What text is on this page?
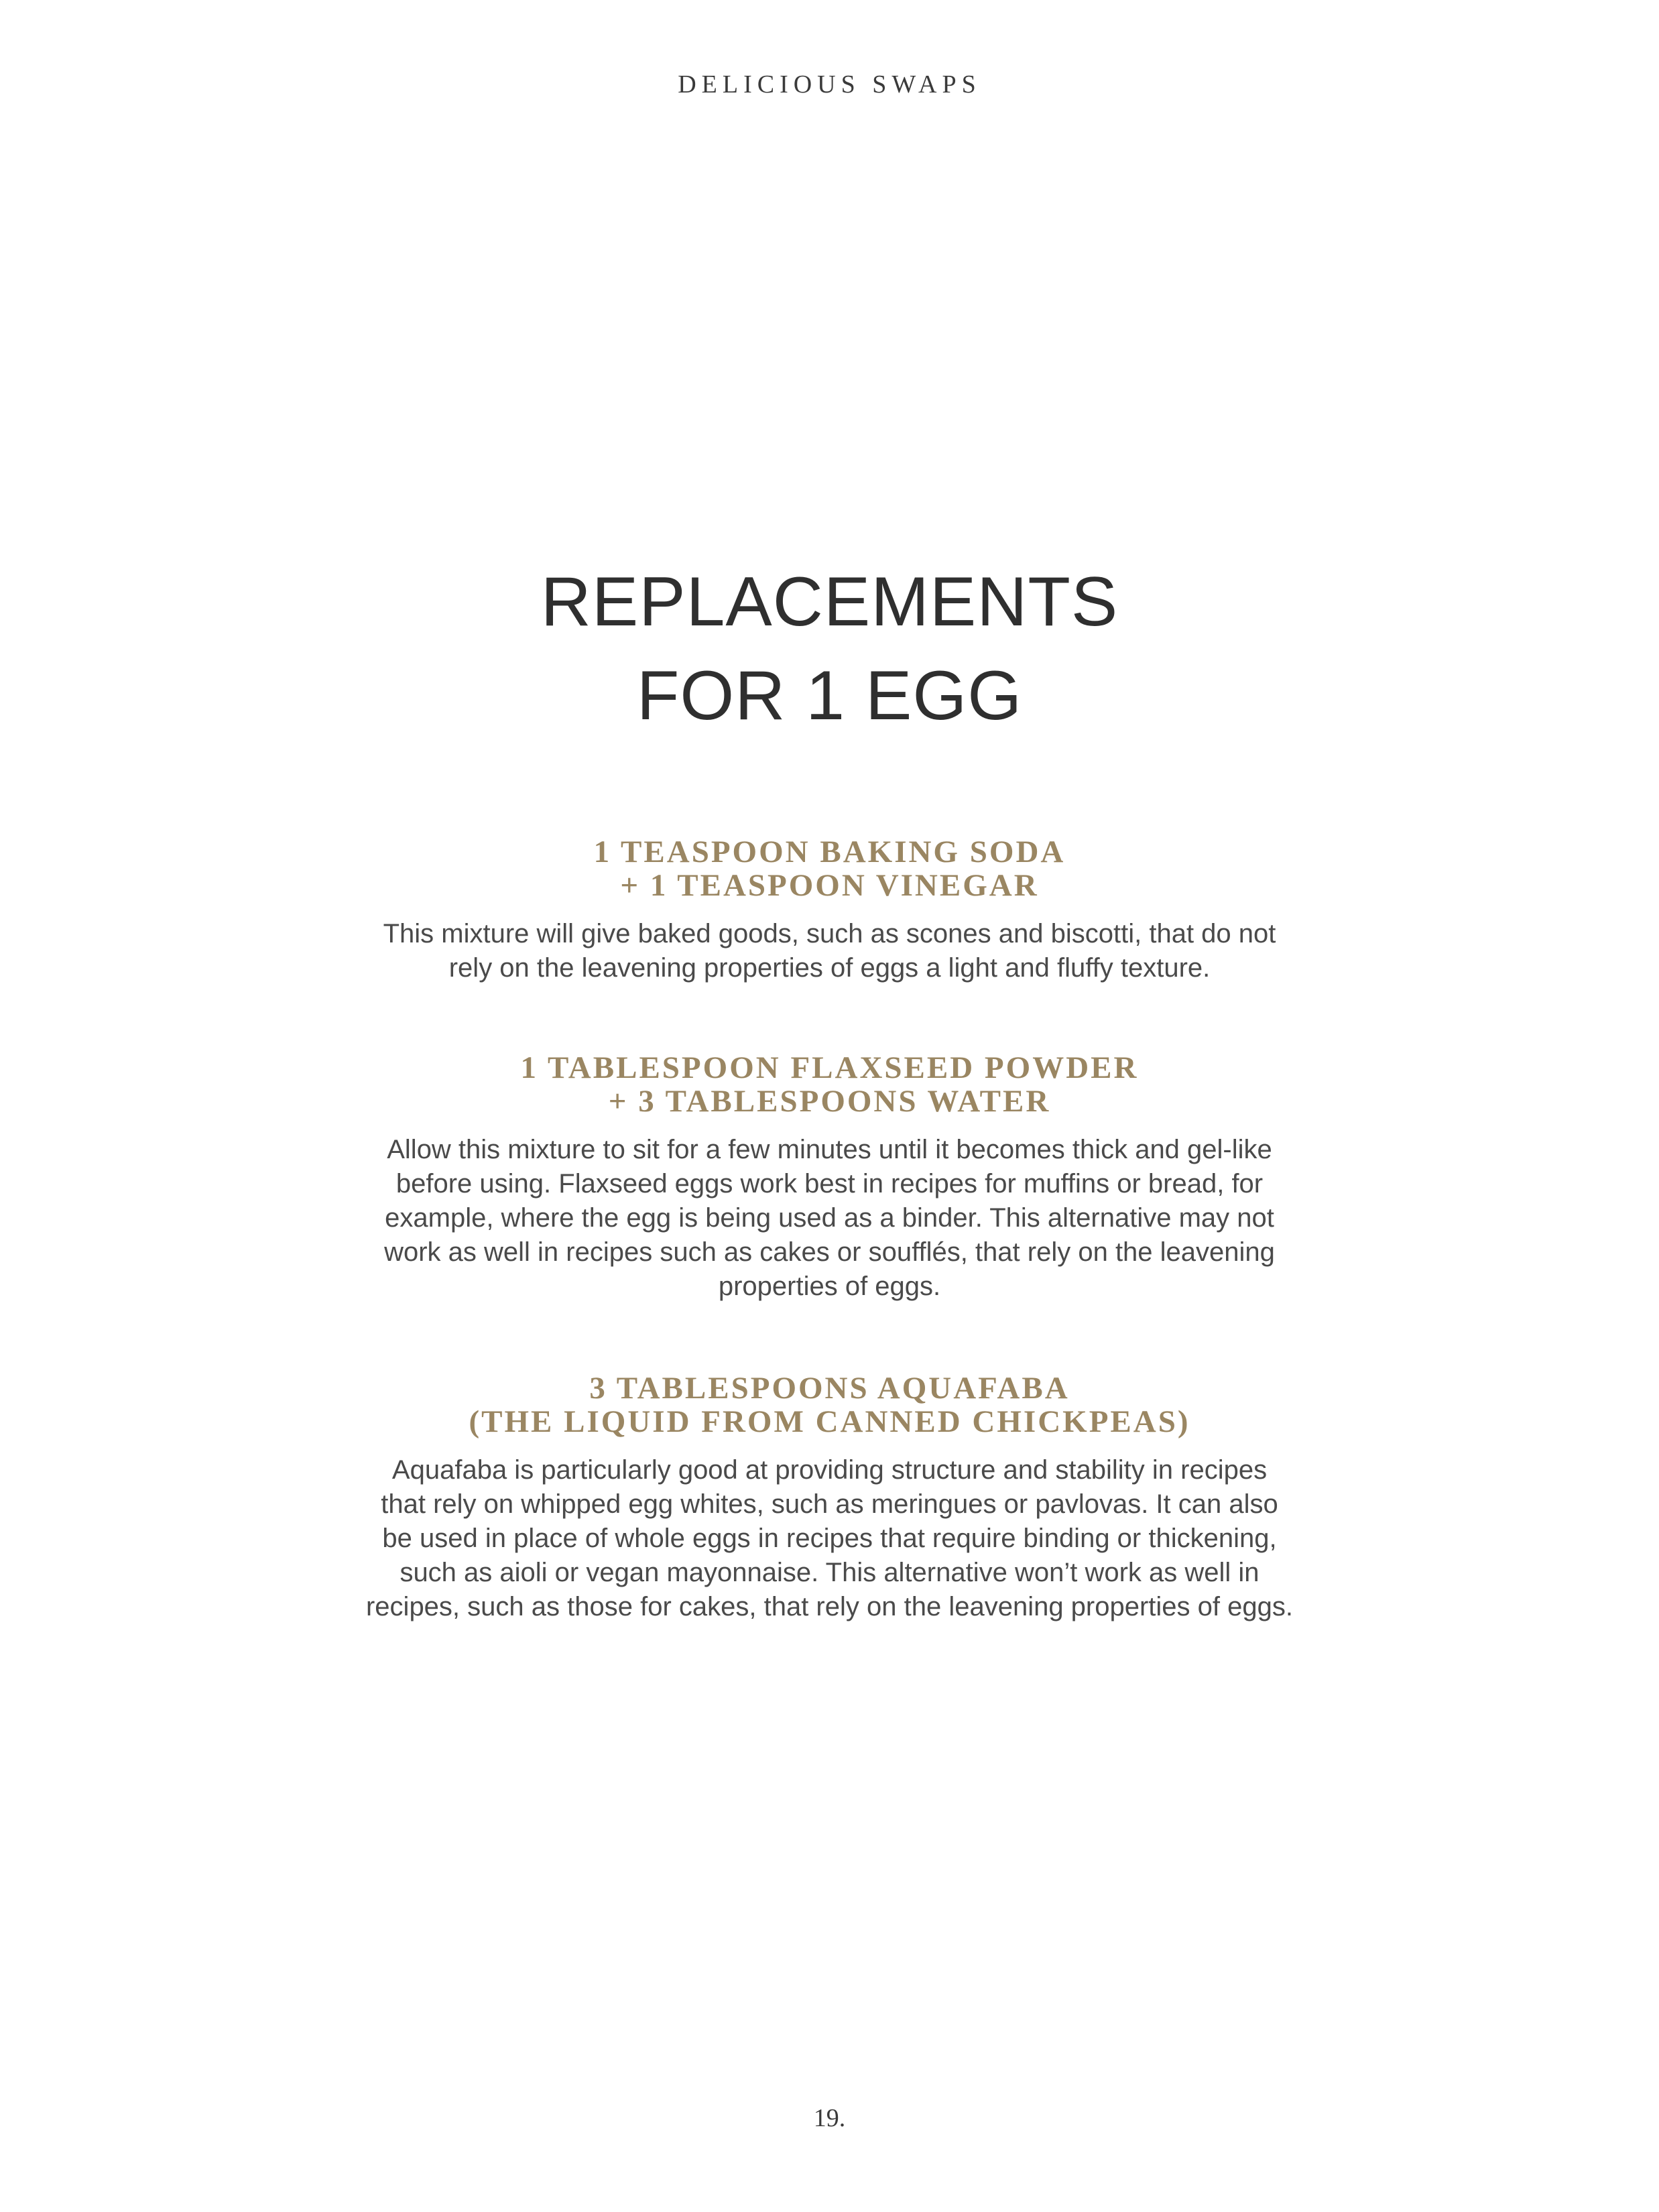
DELICIOUS SWAPS
REPLACEMENTS
FOR 1 EGG
1 TEASPOON BAKING SODA
+ 1 TEASPOON VINEGAR
This mixture will give baked goods, such as scones and biscotti, that do not
rely on the leavening properties of eggs a light and fluffy texture.
1 TABLESPOON FLAXSEED POWDER
+ 3 TABLESPOONS WATER
Allow this mixture to sit for a few minutes until it becomes thick and gel-like
before using. Flaxseed eggs work best in recipes for muffins or bread, for
example, where the egg is being used as a binder. This alternative may not
work as well in recipes such as cakes or soufflés, that rely on the leavening
properties of eggs.
3 TABLESPOONS AQUAFABA
(THE LIQUID FROM CANNED CHICKPEAS)
Aquafaba is particularly good at providing structure and stability in recipes
that rely on whipped egg whites, such as meringues or pavlovas. It can also
be used in place of whole eggs in recipes that require binding or thickening,
such as aioli or vegan mayonnaise. This alternative won’t work as well in
recipes, such as those for cakes, that rely on the leavening properties of eggs.
19.
